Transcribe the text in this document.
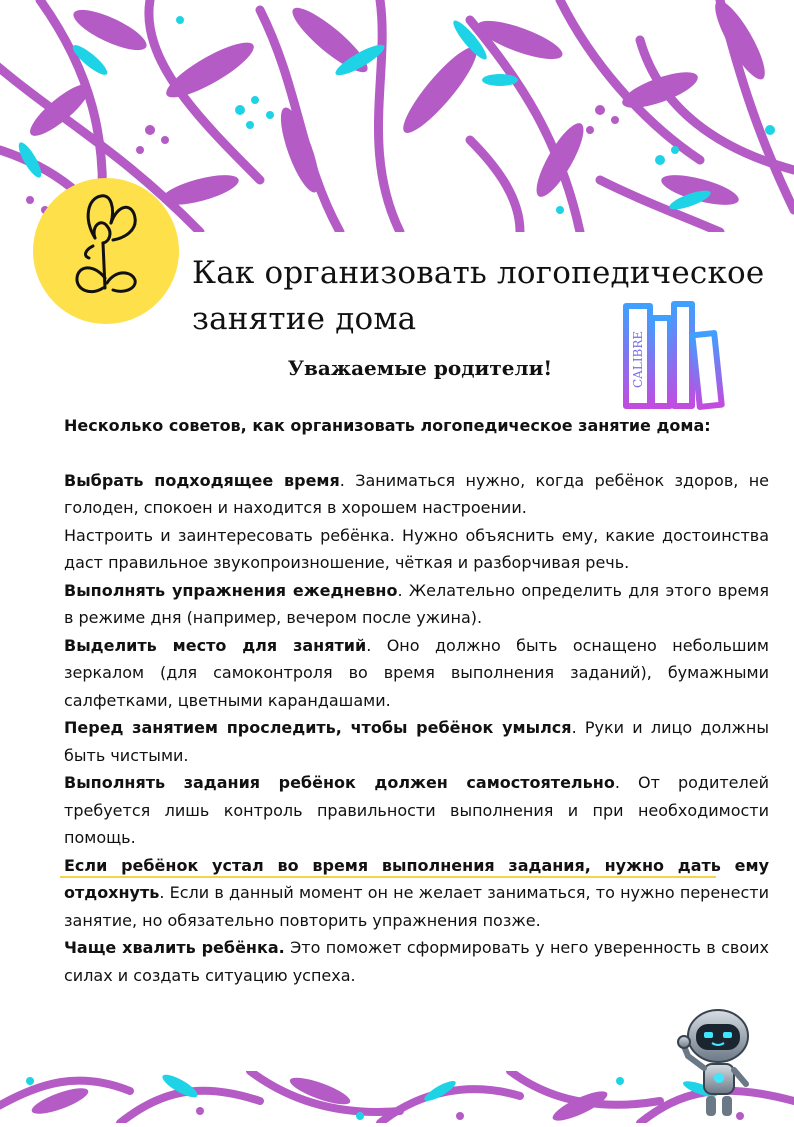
Как организовать логопедическое
занятие дома
CALIBRE
Уважаемые родители!

Несколько советов, как организовать логопедическое занятие дома:

Выбрать подходящее время. Заниматься нужно, когда ребёнок здоров, не голоден, спокоен и находится в хорошем настроении.

Настроить и заинтересовать ребёнка. Нужно объяснить ему, какие достоинства даст правильное звукопроизношение, чёткая и разборчивая речь.

Выполнять упражнения ежедневно. Желательно определить для этого время в режиме дня (например, вечером после ужина).

Выделить место для занятий. Оно должно быть оснащено небольшим зеркалом (для самоконтроля во время выполнения заданий), бумажными салфетками, цветными карандашами.

Перед занятием проследить, чтобы ребёнок умылся. Руки и лицо должны быть чистыми.

Выполнять задания ребёнок должен самостоятельно. От родителей требуется лишь контроль правильности выполнения и при необходимости помощь.

Если ребёнок устал во время выполнения задания, нужно дать ему отдохнуть. Если в данный момент он не желает заниматься, то нужно перенести занятие, но обязательно повторить упражнения позже.

Чаще хвалить ребёнка. Это поможет сформировать у него уверенность в своих силах и создать ситуацию успеха.
